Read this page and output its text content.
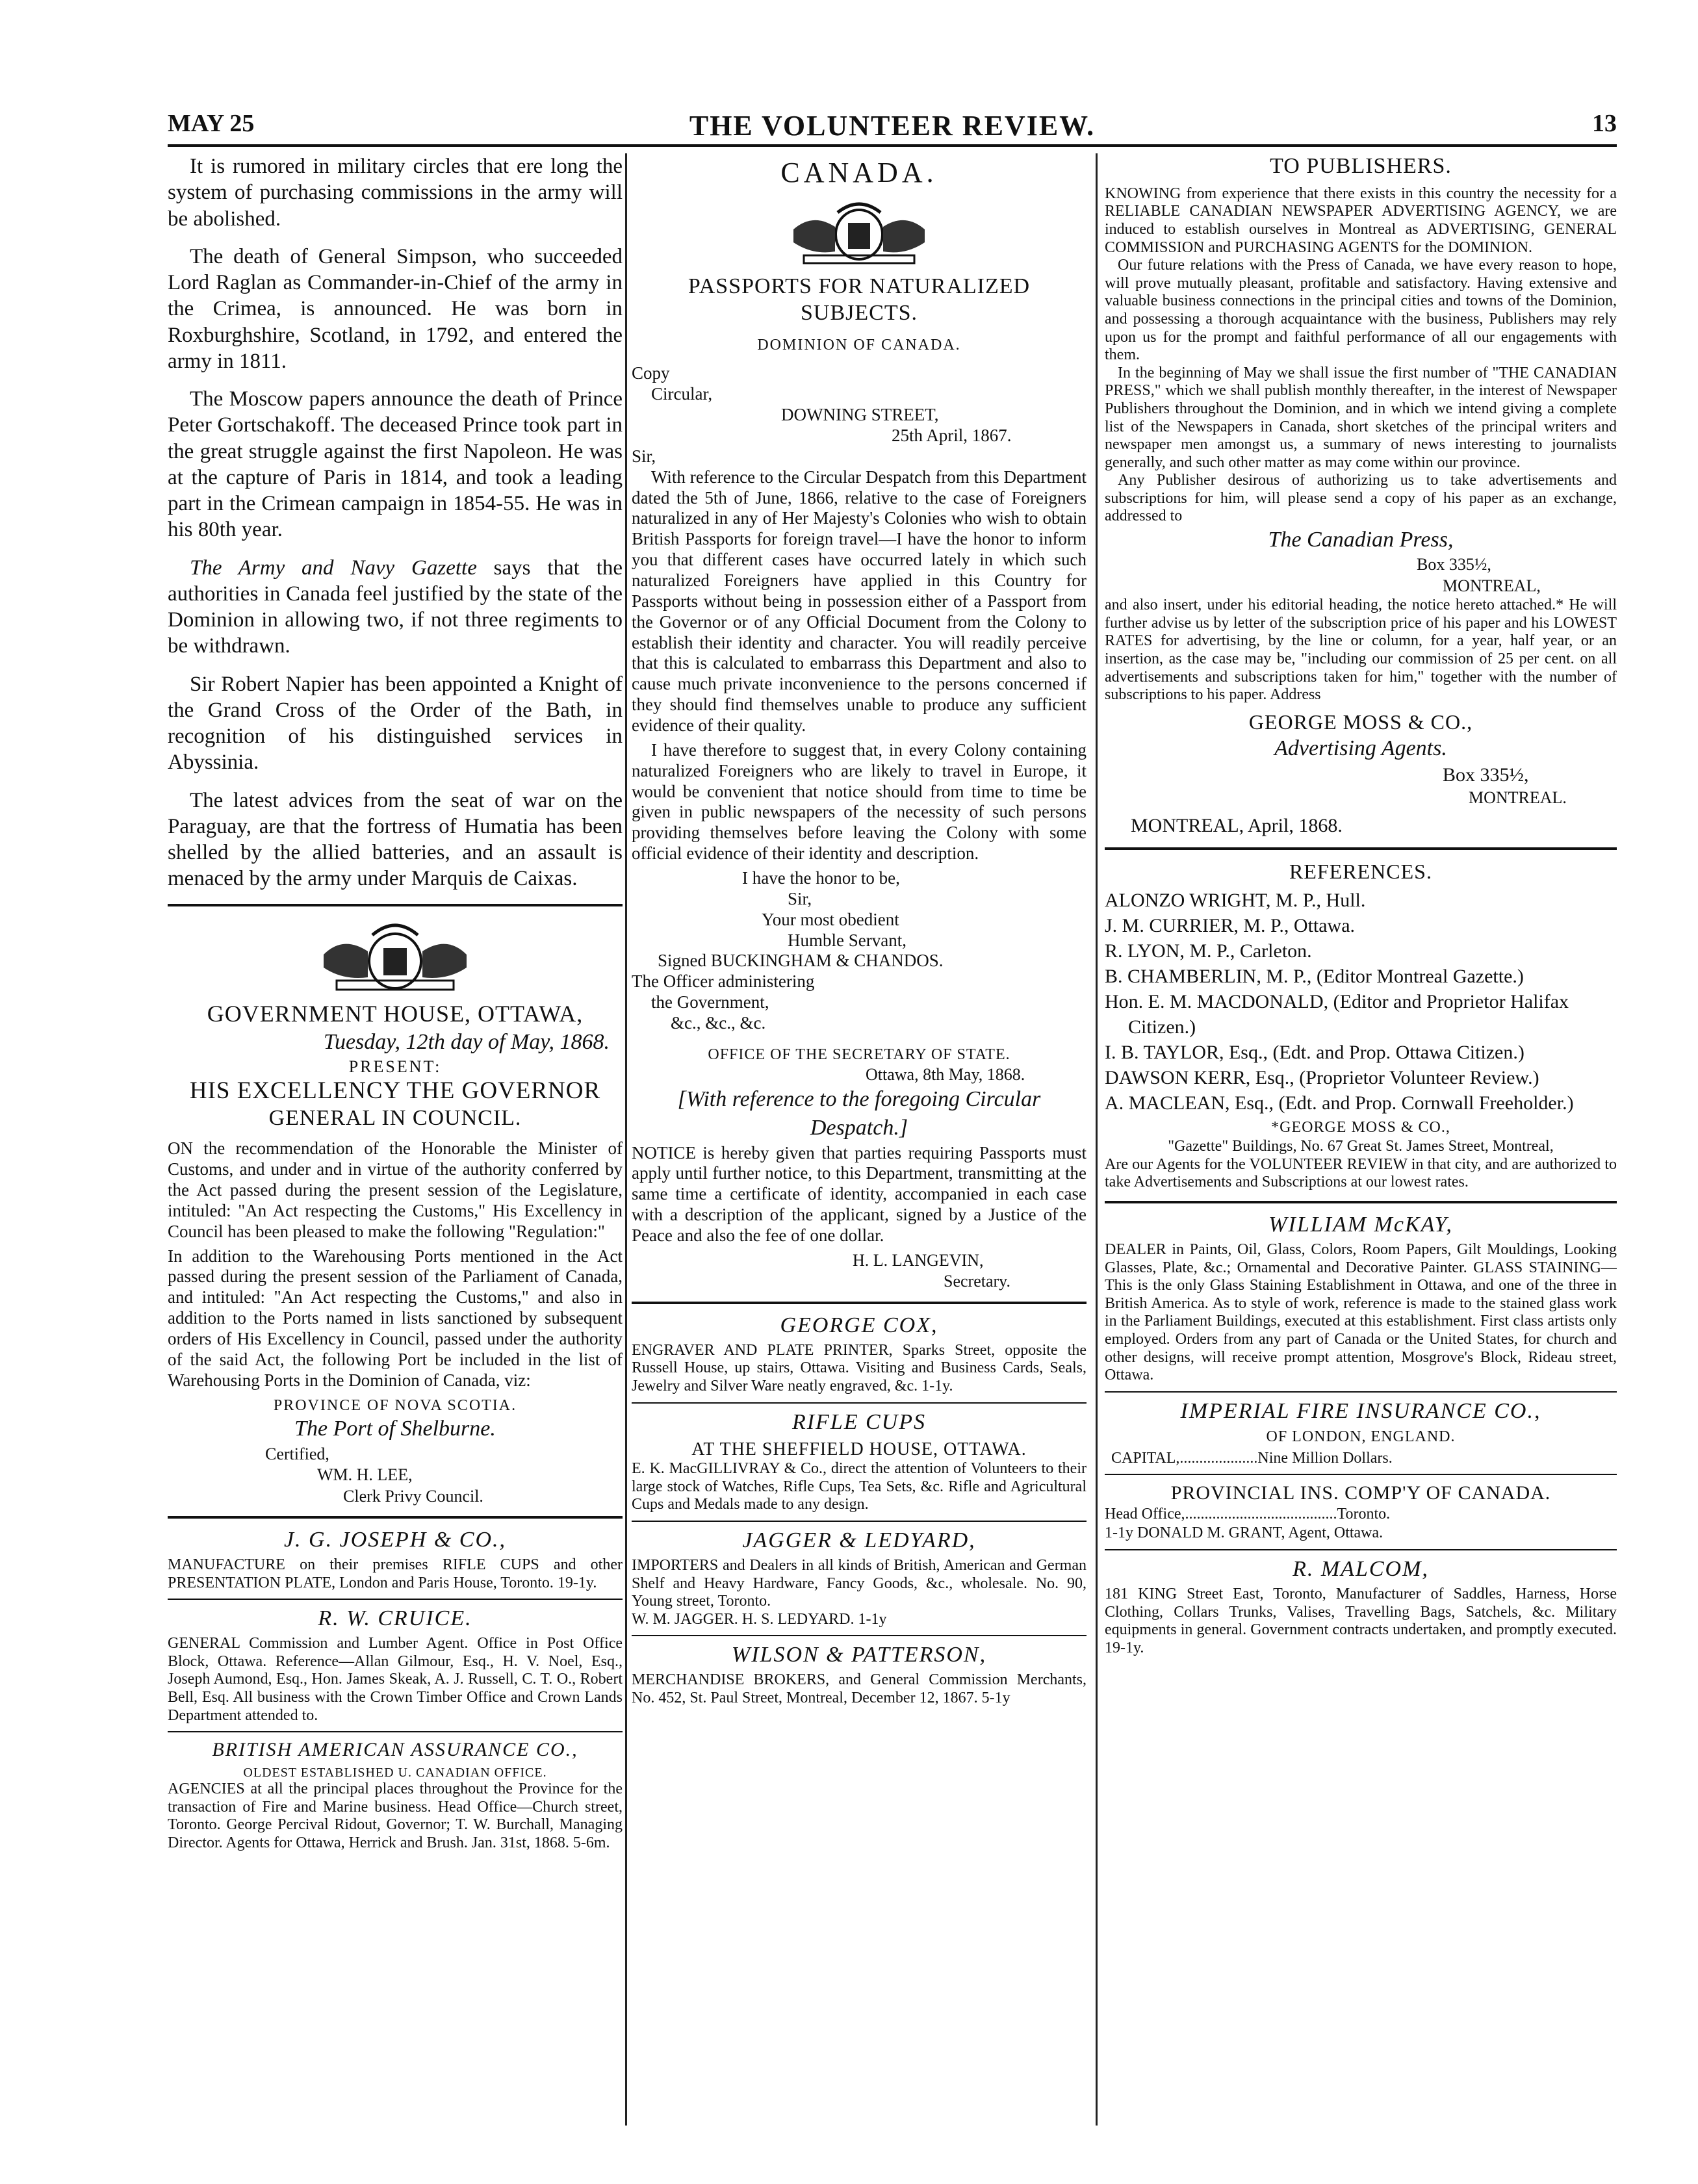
MAY 25	THE VOLUNTEER REVIEW.	13

It is rumored in military circles that ere long the system of purchasing commissions in the army will be abolished.

The death of General Simpson, who succeeded Lord Raglan as Commander-in-Chief of the army in the Crimea, is announced. He was born in Roxburghshire, Scotland, in 1792, and entered the army in 1811.

The Moscow papers announce the death of Prince Peter Gortschakoff. The deceased Prince took part in the great struggle against the first Napoleon. He was at the capture of Paris in 1814, and took a leading part in the Crimean campaign in 1854-55. He was in his 80th year.

The Army and Navy Gazette says that the authorities in Canada feel justified by the state of the Dominion in allowing two, if not three regiments to be withdrawn.

Sir Robert Napier has been appointed a Knight of the Grand Cross of the Order of the Bath, in recognition of his distinguished services in Abyssinia.

The latest advices from the seat of war on the Paraguay, are that the fortress of Humatia has been shelled by the allied batteries, and an assault is menaced by the army under Marquis de Caixas.

GOVERNMENT HOUSE, OTTAWA,
Tuesday, 12th day of May, 1868.
PRESENT:
HIS EXCELLENCY THE GOVERNOR
GENERAL IN COUNCIL.

ON the recommendation of the Honorable the Minister of Customs, and under and in virtue of the authority conferred by the Act passed during the present session of the Legislature, intituled: "An Act respecting the Customs," His Excellency in Council has been pleased to make the following "Regulation:"

In addition to the Warehousing Ports mentioned in the Act passed during the present session of the Parliament of Canada, and intituled: "An Act respecting the Customs," and also in addition to the Ports named in lists sanctioned by subsequent orders of His Excellency in Council, passed under the authority of the said Act, the following Port be included in the list of Warehousing Ports in the Dominion of Canada, viz:

PROVINCE OF NOVA SCOTIA.
The Port of Shelburne.
Certified,
WM. H. LEE,
Clerk Privy Council.
J. G. JOSEPH & CO.,

MANUFACTURE on their premises RIFLE CUPS and other PRESENTATION PLATE, London and Paris House, Toronto. 19-1y.

R. W. CRUICE.

GENERAL Commission and Lumber Agent. Office in Post Office Block, Ottawa. Reference—Allan Gilmour, Esq., H. V. Noel, Esq., Joseph Aumond, Esq., Hon. James Skeak, A. J. Russell, C. T. O., Robert Bell, Esq. All business with the Crown Timber Office and Crown Lands Department attended to.

BRITISH AMERICAN ASSURANCE CO.,
OLDEST ESTABLISHED U. CANADIAN OFFICE.

AGENCIES at all the principal places throughout the Province for the transaction of Fire and Marine business. Head Office—Church street, Toronto. George Percival Ridout, Governor; T. W. Burchall, Managing Director. Agents for Ottawa, Herrick and Brush. Jan. 31st, 1868. 5-6m.

CANADA.
PASSPORTS FOR NATURALIZED SUBJECTS.
DOMINION OF CANADA.
Copy
Circular,
DOWNING STREET,
25th April, 1867.
Sir,

With reference to the Circular Despatch from this Department dated the 5th of June, 1866, relative to the case of Foreigners naturalized in any of Her Majesty's Colonies who wish to obtain British Passports for foreign travel—I have the honor to inform you that different cases have occurred lately in which such naturalized Foreigners have applied in this Country for Passports without being in possession either of a Passport from the Governor or of any Official Document from the Colony to establish their identity and character. You will readily perceive that this is calculated to embarrass this Department and also to cause much private inconvenience to the persons concerned if they should find themselves unable to produce any sufficient evidence of their quality.

I have therefore to suggest that, in every Colony containing naturalized Foreigners who are likely to travel in Europe, it would be convenient that notice should from time to time be given in public newspapers of the necessity of such persons providing themselves before leaving the Colony with some official evidence of their identity and description.

I have the honor to be,
Sir,
Your most obedient
Humble Servant,
Signed BUCKINGHAM & CHANDOS.
The Officer administering
the Government,
&c., &c., &c.
OFFICE OF THE SECRETARY OF STATE.
Ottawa, 8th May, 1868.
[With reference to the foregoing Circular Despatch.]

NOTICE is hereby given that parties requiring Passports must apply until further notice, to this Department, transmitting at the same time a certificate of identity, accompanied in each case with a description of the applicant, signed by a Justice of the Peace and also the fee of one dollar.

H. L. LANGEVIN,
Secretary.
GEORGE COX,

ENGRAVER AND PLATE PRINTER, Sparks Street, opposite the Russell House, up stairs, Ottawa. Visiting and Business Cards, Seals, Jewelry and Silver Ware neatly engraved, &c. 1-1y.

RIFLE CUPS
AT THE SHEFFIELD HOUSE, OTTAWA.

E. K. MacGILLIVRAY & Co., direct the attention of Volunteers to their large stock of Watches, Rifle Cups, Tea Sets, &c. Rifle and Agricultural Cups and Medals made to any design.

JAGGER & LEDYARD,

IMPORTERS and Dealers in all kinds of British, American and German Shelf and Heavy Hardware, Fancy Goods, &c., wholesale. No. 90, Young street, Toronto.

W. M. JAGGER. H. S. LEDYARD. 1-1y

WILSON & PATTERSON,

MERCHANDISE BROKERS, and General Commission Merchants, No. 452, St. Paul Street, Montreal, December 12, 1867. 5-1y

TO PUBLISHERS.

KNOWING from experience that there exists in this country the necessity for a RELIABLE CANADIAN NEWSPAPER ADVERTISING AGENCY, we are induced to establish ourselves in Montreal as ADVERTISING, GENERAL COMMISSION and PURCHASING AGENTS for the DOMINION.

Our future relations with the Press of Canada, we have every reason to hope, will prove mutually pleasant, profitable and satisfactory. Having extensive and valuable business connections in the principal cities and towns of the Dominion, and possessing a thorough acquaintance with the business, Publishers may rely upon us for the prompt and faithful performance of all our engagements with them.

In the beginning of May we shall issue the first number of "THE CANADIAN PRESS," which we shall publish monthly thereafter, in the interest of Newspaper Publishers throughout the Dominion, and in which we intend giving a complete list of the Newspapers in Canada, short sketches of the principal writers and newspaper men amongst us, a summary of news interesting to journalists generally, and such other matter as may come within our province.

Any Publisher desirous of authorizing us to take advertisements and subscriptions for him, will please send a copy of his paper as an exchange, addressed to

The Canadian Press,
Box 335½,
MONTREAL,

and also insert, under his editorial heading, the notice hereto attached.* He will further advise us by letter of the subscription price of his paper and his LOWEST RATES for advertising, by the line or column, for a year, half year, or an insertion, as the case may be, "including our commission of 25 per cent. on all advertisements and subscriptions taken for him," together with the number of subscriptions to his paper. Address

GEORGE MOSS & CO.,
Advertising Agents.
Box 335½,
MONTREAL.
MONTREAL, April, 1868.
REFERENCES.
ALONZO WRIGHT, M. P., Hull.
J. M. CURRIER, M. P., Ottawa.
R. LYON, M. P., Carleton.
B. CHAMBERLIN, M. P., (Editor Montreal Gazette.)
Hon. E. M. MACDONALD, (Editor and Proprietor Halifax Citizen.)
I. B. TAYLOR, Esq., (Edt. and Prop. Ottawa Citizen.)
DAWSON KERR, Esq., (Proprietor Volunteer Review.)
A. MACLEAN, Esq., (Edt. and Prop. Cornwall Freeholder.)
*GEORGE MOSS & CO.,
"Gazette" Buildings, No. 67 Great St. James Street, Montreal,

Are our Agents for the VOLUNTEER REVIEW in that city, and are authorized to take Advertisements and Subscriptions at our lowest rates.

WILLIAM McKAY,

DEALER in Paints, Oil, Glass, Colors, Room Papers, Gilt Mouldings, Looking Glasses, Plate, &c.; Ornamental and Decorative Painter. GLASS STAINING—This is the only Glass Staining Establishment in Ottawa, and one of the three in British America. As to style of work, reference is made to the stained glass work in the Parliament Buildings, executed at this establishment. First class artists only employed. Orders from any part of Canada or the United States, for church and other designs, will receive prompt attention, Mosgrove's Block, Rideau street, Ottawa.

IMPERIAL FIRE INSURANCE CO.,
OF LONDON, ENGLAND.
CAPITAL,....................Nine Million Dollars.
PROVINCIAL INS. COMP'Y OF CANADA.
Head Office,.......................................Toronto.
1-1y DONALD M. GRANT, Agent, Ottawa.
R. MALCOM,

181 KING Street East, Toronto, Manufacturer of Saddles, Harness, Horse Clothing, Collars Trunks, Valises, Travelling Bags, Satchels, &c. Military equipments in general. Government contracts undertaken, and promptly executed. 19-1y.
